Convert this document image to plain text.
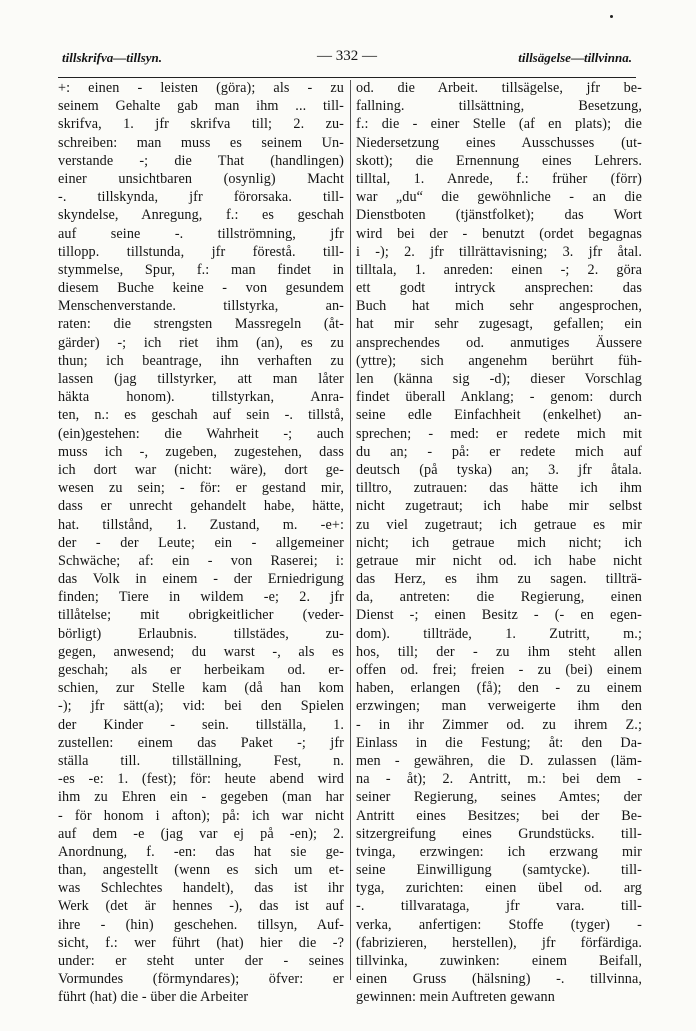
tillskrifva—tillsyn.	— 332 —	tillsägelse—tillvinna.
+: einen - leisten (göra); als - zu
seinem Gehalte gab man ihm ... till-
skrifva, 1. jfr skrifva till; 2. zu-
schreiben: man muss es seinem Un-
verstande -; die That (handlingen)
einer unsichtbaren (osynlig) Macht
-. tillskynda, jfr förorsaka. till-
skyndelse, Anregung, f.: es geschah
auf seine -. tillströmning, jfr
tillopp. tillstunda, jfr förestå. till-
stymmelse, Spur, f.: man findet in
diesem Buche keine - von gesundem
Menschenverstande. tillstyrka, an-
raten: die strengsten Massregeln (åt-
gärder) -; ich riet ihm (an), es zu
thun; ich beantrage, ihn verhaften zu
lassen (jag tillstyrker, att man låter
häkta honom). tillstyrkan, Anra-
ten, n.: es geschah auf sein -. tillstå,
(ein)gestehen: die Wahrheit -; auch
muss ich -, zugeben, zugestehen, dass
ich dort war (nicht: wäre), dort ge-
wesen zu sein; - för: er gestand mir,
dass er unrecht gehandelt habe, hätte,
hat. tillstånd, 1. Zustand, m. -e+:
der - der Leute; ein - allgemeiner
Schwäche; af: ein - von Raserei; i:
das Volk in einem - der Erniedrigung
finden; Tiere in wildem -e; 2. jfr
tillåtelse; mit obrigkeitlicher (veder-
börligt) Erlaubnis. tillstädes, zu-
gegen, anwesend; du warst -, als es
geschah; als er herbeikam od. er-
schien, zur Stelle kam (då han kom
-); jfr sätt(a); vid: bei den Spielen
der Kinder - sein. tillställa, 1.
zustellen: einem das Paket -; jfr
ställa till. tillställning, Fest, n.
-es -e: 1. (fest); för: heute abend wird
ihm zu Ehren ein - gegeben (man har
- för honom i afton); på: ich war nicht
auf dem -e (jag var ej på -en); 2.
Anordnung, f. -en: das hat sie ge-
than, angestellt (wenn es sich um et-
was Schlechtes handelt), das ist ihr
Werk (det är hennes -), das ist auf
ihre - (hin) geschehen. tillsyn, Auf-
sicht, f.: wer führt (hat) hier die -?
under: er steht unter der - seines
Vormundes (förmyndares); öfver: er
führt (hat) die - über die Arbeiter
od. die Arbeit. tillsägelse, jfr be-
fallning. tillsättning, Besetzung,
f.: die - einer Stelle (af en plats); die
Niedersetzung eines Ausschusses (ut-
skott); die Ernennung eines Lehrers.
tilltal, 1. Anrede, f.: früher (förr)
war „du“ die gewöhnliche - an die
Dienstboten (tjänstfolket); das Wort
wird bei der - benutzt (ordet begagnas
i -); 2. jfr tillrättavisning; 3. jfr åtal.
tilltala, 1. anreden: einen -; 2. göra
ett godt intryck ansprechen: das
Buch hat mich sehr angesprochen,
hat mir sehr zugesagt, gefallen; ein
ansprechendes od. anmutiges Äussere
(yttre); sich angenehm berührt füh-
len (känna sig -d); dieser Vorschlag
findet überall Anklang; - genom: durch
seine edle Einfachheit (enkelhet) an-
sprechen; - med: er redete mich mit
du an; - på: er redete mich auf
deutsch (på tyska) an; 3. jfr åtala.
tilltro, zutrauen: das hätte ich ihm
nicht zugetraut; ich habe mir selbst
zu viel zugetraut; ich getraue es mir
nicht; ich getraue mich nicht; ich
getraue mir nicht od. ich habe nicht
das Herz, es ihm zu sagen. tillträ-
da, antreten: die Regierung, einen
Dienst -; einen Besitz - (- en egen-
dom). tillträde, 1. Zutritt, m.;
hos, till; der - zu ihm steht allen
offen od. frei; freien - zu (bei) einem
haben, erlangen (få); den - zu einem
erzwingen; man verweigerte ihm den
- in ihr Zimmer od. zu ihrem Z.;
Einlass in die Festung; åt: den Da-
men - gewähren, die D. zulassen (läm-
na - åt); 2. Antritt, m.: bei dem -
seiner Regierung, seines Amtes; der
Antritt eines Besitzes; bei der Be-
sitzergreifung eines Grundstücks. till-
tvinga, erzwingen: ich erzwang mir
seine Einwilligung (samtycke). till-
tyga, zurichten: einen übel od. arg
-. tillvaratagа, jfr vara. till-
verka, anfertigen: Stoffe (tyger) -
(fabrizieren, herstellen), jfr förfärdiga.
tillvinka, zuwinken: einem Beifall,
einen Gruss (hälsning) -. tillvinna,
gewinnen: mein Auftreten gewann
